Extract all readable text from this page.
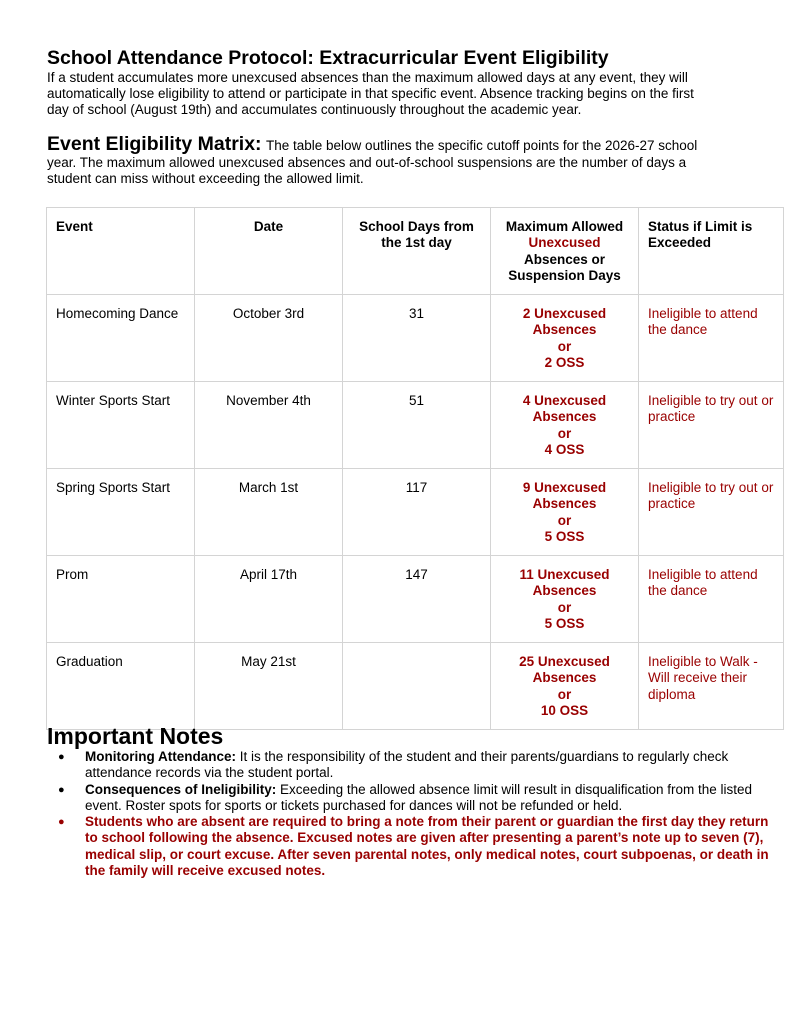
School Attendance Protocol: Extracurricular Event Eligibility

If a student accumulates more unexcused absences than the maximum allowed days at any event, they will

automatically lose eligibility to attend or participate in that specific event. Absence tracking begins on the first

day of school (August 19th) and accumulates continuously throughout the academic year.

Event Eligibility Matrix: The table below outlines the specific cutoff points for the 2026-27 school
year. The maximum allowed unexcused absences and out-of-school suspensions are the number of days a
student can miss without exceeding the allowed limit.

Event	Date	School Days from the 1st day	Maximum Allowed
Unexcused
Absences or Suspension Days	Status if Limit is Exceeded
Homecoming Dance	October 3rd	31	2 Unexcused
Absences
or
2 OSS	Ineligible to attend the dance
Winter Sports Start	November 4th	51	4 Unexcused
Absences
or
4 OSS	Ineligible to try out or practice
Spring Sports Start	March 1st	117	9 Unexcused
Absences
or
5 OSS	Ineligible to try out or practice
Prom	April 17th	147	11 Unexcused
Absences
or
5 OSS	Ineligible to attend the dance
Graduation	May 21st		25 Unexcused
Absences
or
10 OSS	Ineligible to Walk - Will receive their diploma
Important Notes
● Monitoring Attendance: It is the responsibility of the student and their parents/guardians to regularly check attendance records via the student portal.
● Consequences of Ineligibility: Exceeding the allowed absence limit will result in disqualification from the listed event. Roster spots for sports or tickets purchased for dances will not be refunded or held.
● Students who are absent are required to bring a note from their parent or guardian the first day they return to school following the absence. Excused notes are given after presenting a parent’s note up to seven (7), medical slip, or court excuse. After seven parental notes, only medical notes, court subpoenas, or death in the family will receive excused notes.
